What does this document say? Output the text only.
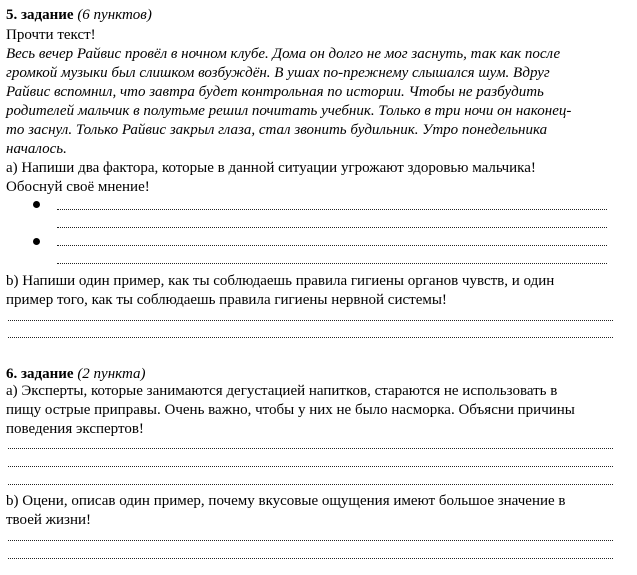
5. задание (6 пунктов)
Прочти текст!
Весь вечер Райвис провёл в ночном клубе. Дома он долго не мог заснуть, так как после
громкой музыки был слишком возбуждён. В ушах по-прежнему слышался шум. Вдруг
Райвис вспомнил, что завтра будет контрольная по истории. Чтобы не разбудить
родителей мальчик в полутьме решил почитать учебник. Только в три ночи он наконец-
то заснул. Только Райвис закрыл глаза, стал звонить будильник. Утро понедельника
началось.
а) Напиши два фактора, которые в данной ситуации угрожают здоровью мальчика!
Обоснуй своё мнение!
b) Напиши один пример, как ты соблюдаешь правила гигиены органов чувств, и один
пример того, как ты соблюдаешь правила гигиены нервной системы!
6. задание (2 пункта)
а) Эксперты, которые занимаются дегустацией напитков, стараются не использовать в
пищу острые приправы. Очень важно, чтобы у них не было насморка. Объясни причины
поведения экспертов!
b) Оцени, описав один пример, почему вкусовые ощущения имеют большое значение в
твоей жизни!
